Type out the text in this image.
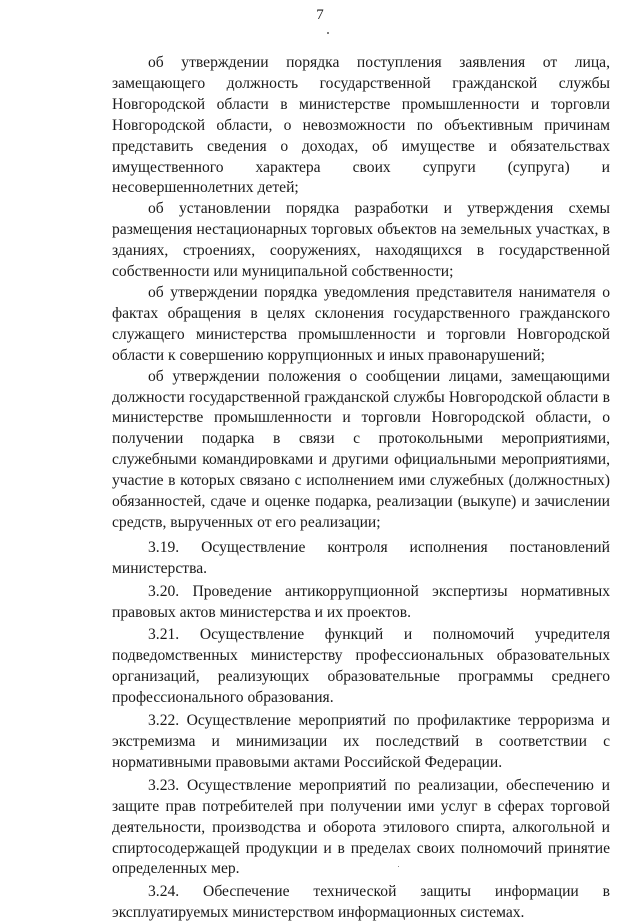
7

об утверждении порядка поступления заявления от лица, замещающего должность государственной гражданской службы Новгородской области в министерстве промышленности и торговли Новгородской области, о невозможности по объективным причинам представить сведения о доходах, об имуществе и обязательствах имущественного характера своих супруги (супруга) и несовершеннолетних детей;

об установлении порядка разработки и утверждения схемы размещения нестационарных торговых объектов на земельных участках, в зданиях, строениях, сооружениях, находящихся в государственной собственности или муниципальной собственности;

об утверждении порядка уведомления представителя нанимателя о фактах обращения в целях склонения государственного гражданского служащего министерства промышленности и торговли Новгородской области к совершению коррупционных и иных правонарушений;

об утверждении положения о сообщении лицами, замещающими должности государственной гражданской службы Новгородской области в министерстве промышленности и торговли Новгородской области, о получении подарка в связи с протокольными мероприятиями, служебными командировками и другими официальными мероприятиями, участие в которых связано с исполнением ими служебных (должностных) обязанностей, сдаче и оценке подарка, реализации (выкупе) и зачислении средств, вырученных от его реализации;

3.19. Осуществление контроля исполнения постановлений министерства.

3.20. Проведение антикоррупционной экспертизы нормативных правовых актов министерства и их проектов.

3.21. Осуществление функций и полномочий учредителя подведомственных министерству профессиональных образовательных организаций, реализующих образовательные программы среднего профессионального образования.

3.22. Осуществление мероприятий по профилактике терроризма и экстремизма и минимизации их последствий в соответствии с нормативными правовыми актами Российской Федерации.

3.23. Осуществление мероприятий по реализации, обеспечению и защите прав потребителей при получении ими услуг в сферах торговой деятельности, производства и оборота этилового спирта, алкогольной и спиртосодержащей продукции и в пределах своих полномочий принятие определенных мер.

3.24. Обеспечение технической защиты информации в эксплуатируемых министерством информационных системах.
